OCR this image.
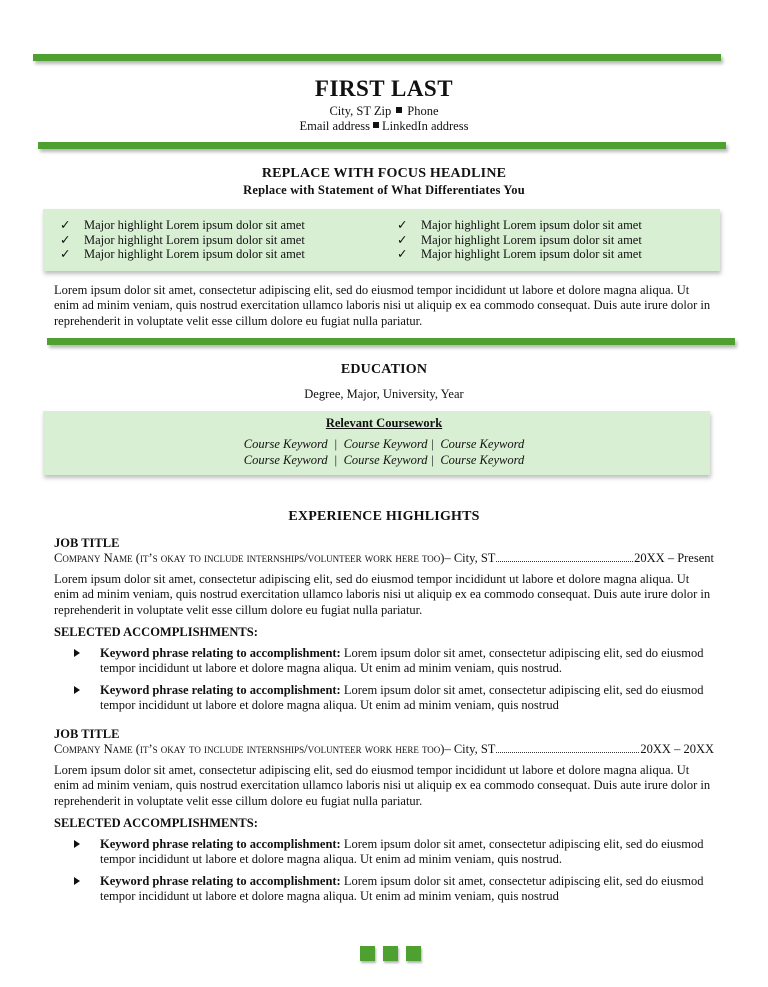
FIRST LAST
City, ST Zip Phone
Email address LinkedIn address
REPLACE WITH FOCUS HEADLINE
Replace with Statement of What Differentiates You
✓ Major highlight Lorem ipsum dolor sit amet
✓ Major highlight Lorem ipsum dolor sit amet
✓ Major highlight Lorem ipsum dolor sit amet
✓ Major highlight Lorem ipsum dolor sit amet
✓ Major highlight Lorem ipsum dolor sit amet
✓ Major highlight Lorem ipsum dolor sit amet
Lorem ipsum dolor sit amet, consectetur adipiscing elit, sed do eiusmod tempor incididunt ut labore et dolore magna aliqua. Ut enim ad minim veniam, quis nostrud exercitation ullamco laboris nisi ut aliquip ex ea commodo consequat. Duis aute irure dolor in reprehenderit in voluptate velit esse cillum dolore eu fugiat nulla pariatur.
EDUCATION
Degree, Major, University, Year
Relevant Coursework
Course Keyword  |  Course Keyword |  Course Keyword
Course Keyword  |  Course Keyword |  Course Keyword
EXPERIENCE HIGHLIGHTS
JOB TITLE
Company Name (it’s okay to include internships/volunteer work here too) – City, ST	20XX – Present
Lorem ipsum dolor sit amet, consectetur adipiscing elit, sed do eiusmod tempor incididunt ut labore et dolore magna aliqua. Ut enim ad minim veniam, quis nostrud exercitation ullamco laboris nisi ut aliquip ex ea commodo consequat. Duis aute irure dolor in reprehenderit in voluptate velit esse cillum dolore eu fugiat nulla pariatur.
SELECTED ACCOMPLISHMENTS:
Keyword phrase relating to accomplishment: Lorem ipsum dolor sit amet, consectetur adipiscing elit, sed do eiusmod tempor incididunt ut labore et dolore magna aliqua. Ut enim ad minim veniam, quis nostrud.
Keyword phrase relating to accomplishment: Lorem ipsum dolor sit amet, consectetur adipiscing elit, sed do eiusmod tempor incididunt ut labore et dolore magna aliqua. Ut enim ad minim veniam, quis nostrud
JOB TITLE
Company Name (it’s okay to include internships/volunteer work here too) – City, ST	20XX – 20XX
Lorem ipsum dolor sit amet, consectetur adipiscing elit, sed do eiusmod tempor incididunt ut labore et dolore magna aliqua. Ut enim ad minim veniam, quis nostrud exercitation ullamco laboris nisi ut aliquip ex ea commodo consequat. Duis aute irure dolor in reprehenderit in voluptate velit esse cillum dolore eu fugiat nulla pariatur.
SELECTED ACCOMPLISHMENTS:
Keyword phrase relating to accomplishment: Lorem ipsum dolor sit amet, consectetur adipiscing elit, sed do eiusmod tempor incididunt ut labore et dolore magna aliqua. Ut enim ad minim veniam, quis nostrud.
Keyword phrase relating to accomplishment: Lorem ipsum dolor sit amet, consectetur adipiscing elit, sed do eiusmod tempor incididunt ut labore et dolore magna aliqua. Ut enim ad minim veniam, quis nostrud
